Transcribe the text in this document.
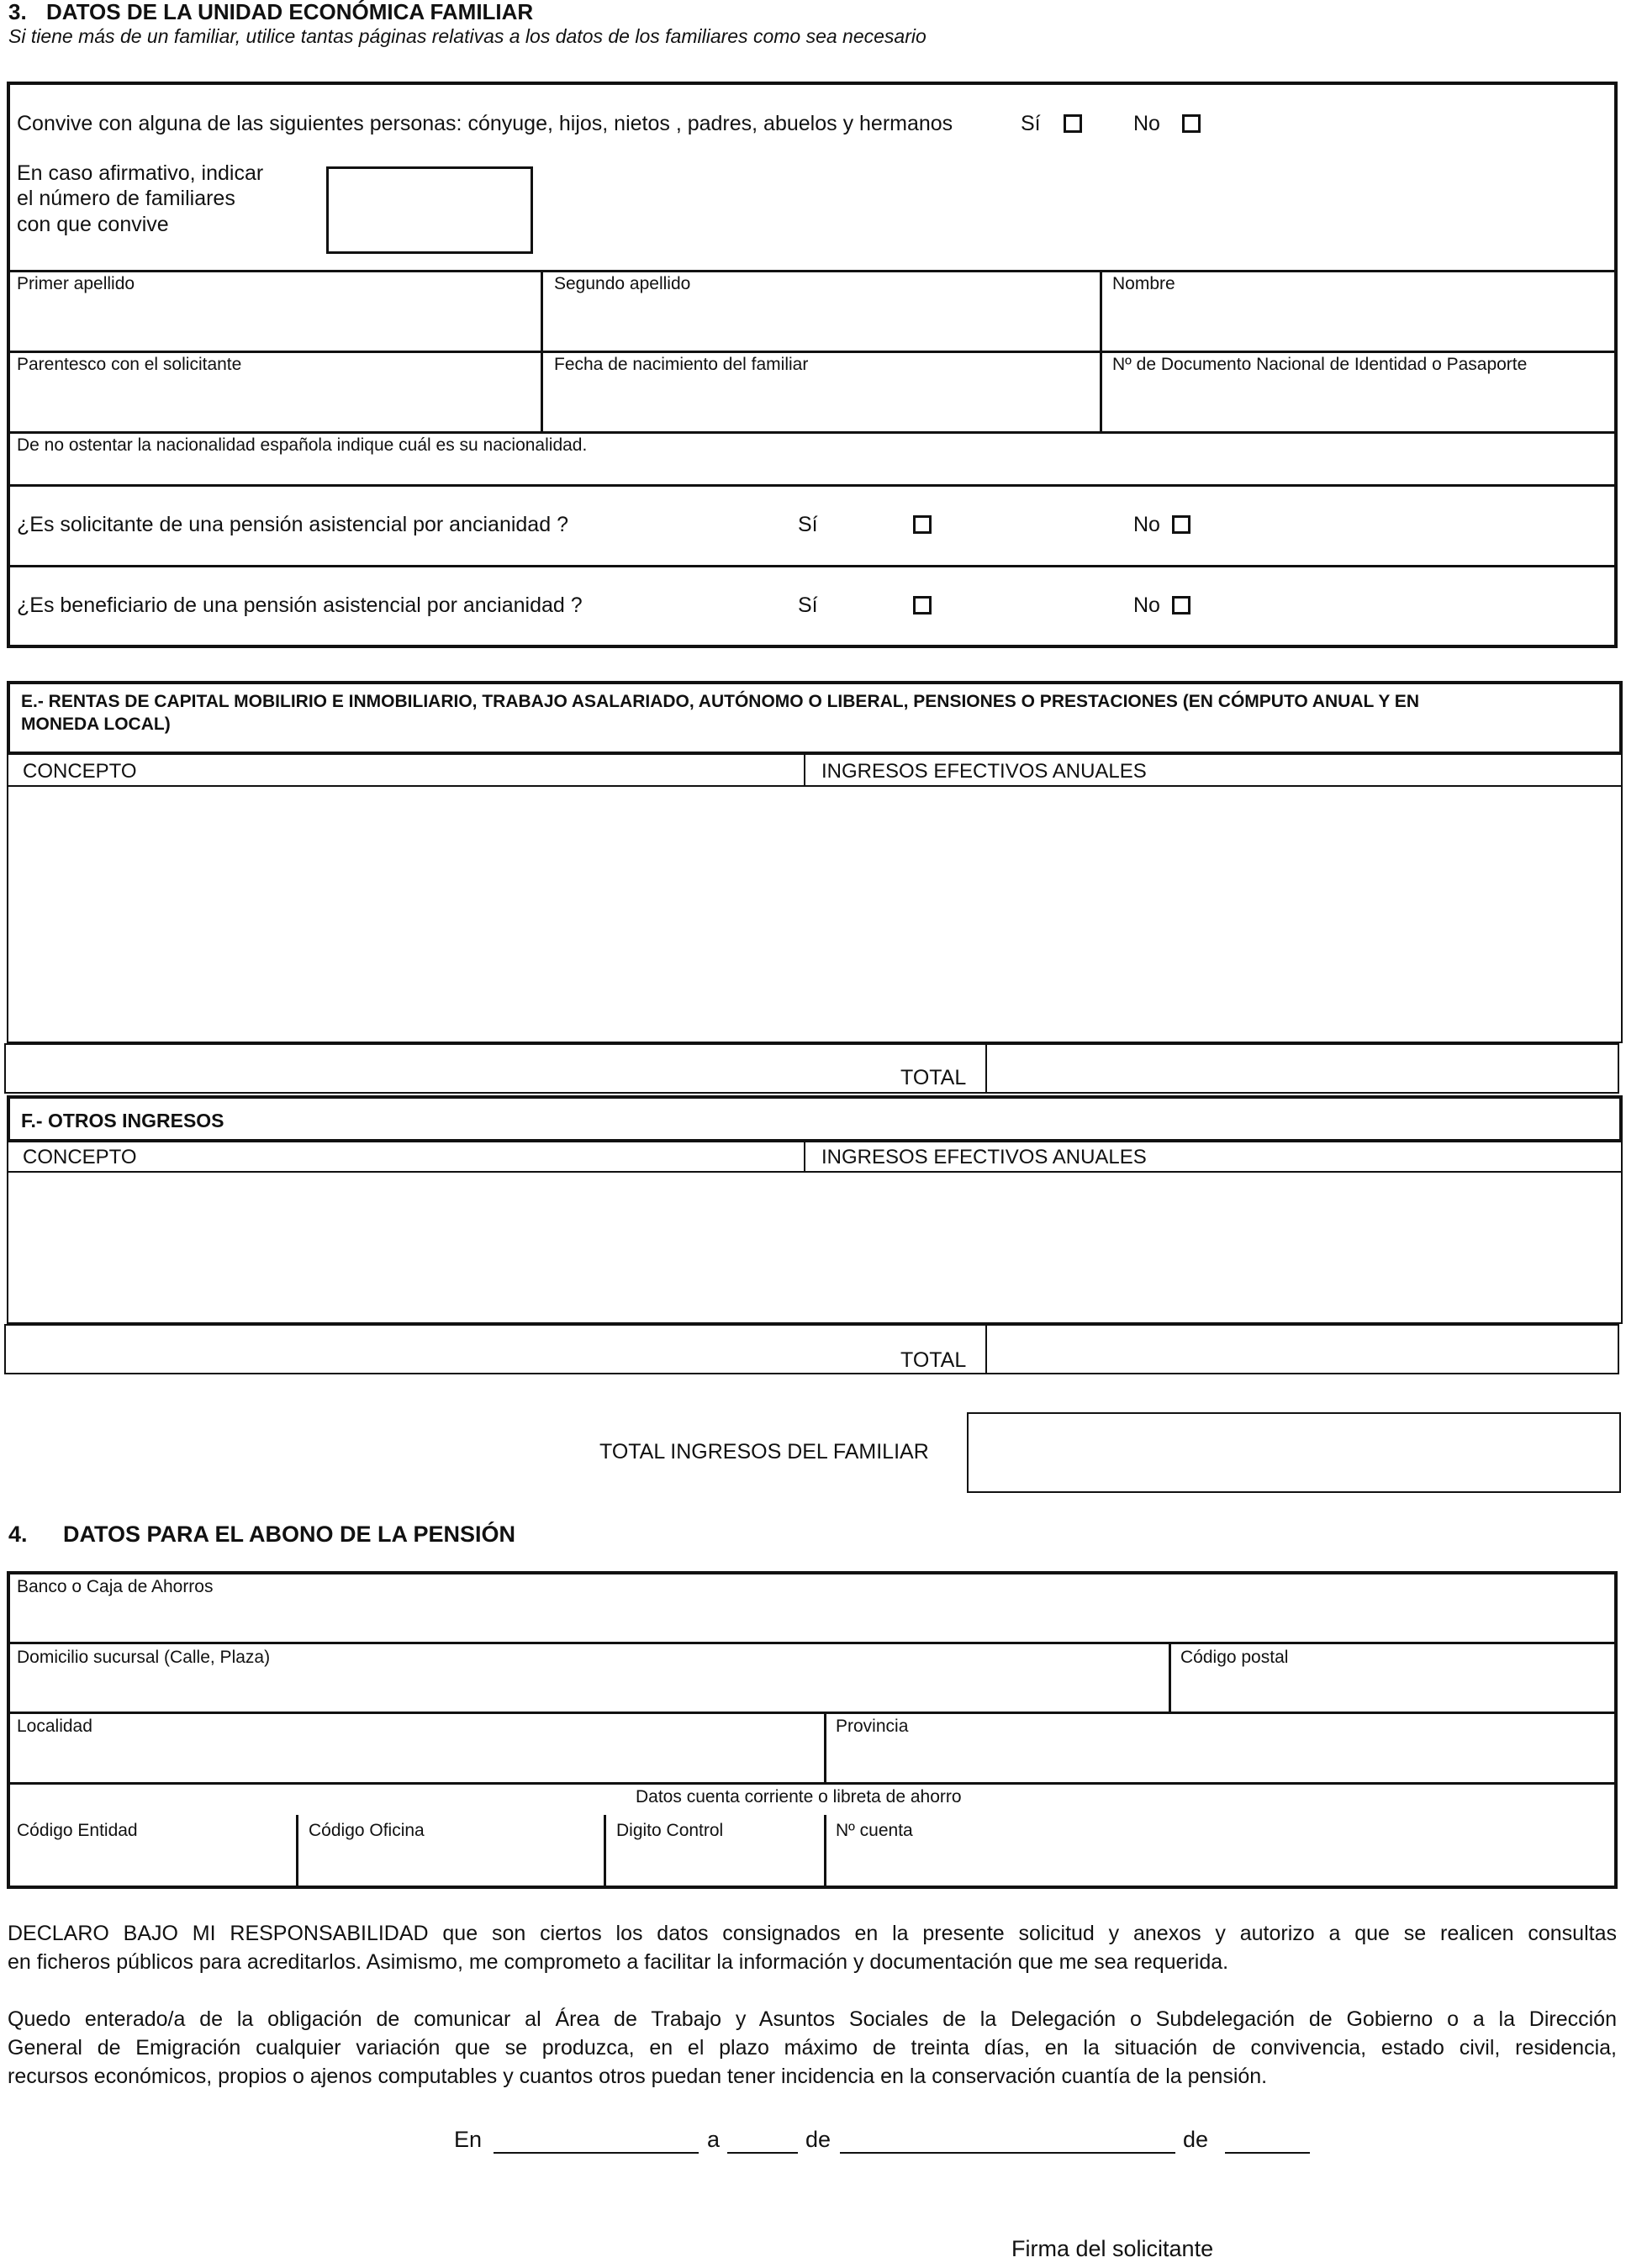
3. DATOS DE LA UNIDAD ECONÓMICA FAMILIAR
Si tiene más de un familiar, utilice tantas páginas relativas a los datos de los familiares como sea necesario
Convive con alguna de las siguientes personas: cónyuge, hijos, nietos , padres, abuelos y hermanos	Sí	No
En caso afirmativo, indicar
el número de familiares
con que convive
Primer apellido	Segundo apellido	Nombre
Parentesco con el solicitante	Fecha de nacimiento del familiar	Nº de Documento Nacional de Identidad o Pasaporte
De no ostentar la nacionalidad española indique cuál es su nacionalidad.
¿Es solicitante de una pensión asistencial por ancianidad ?	Sí	No
¿Es beneficiario de una pensión asistencial por ancianidad ?	Sí	No
E.- RENTAS DE CAPITAL MOBILIRIO E INMOBILIARIO, TRABAJO ASALARIADO, AUTÓNOMO O LIBERAL, PENSIONES O PRESTACIONES (EN CÓMPUTO ANUAL Y EN
MONEDA LOCAL)
CONCEPTO	INGRESOS EFECTIVOS ANUALES
TOTAL
F.- OTROS INGRESOS
CONCEPTO	INGRESOS EFECTIVOS ANUALES
TOTAL
TOTAL INGRESOS DEL FAMILIAR
4. DATOS PARA EL ABONO DE LA PENSIÓN
Banco o Caja de Ahorros
Domicilio sucursal (Calle, Plaza)	Código postal
Localidad	Provincia
Datos cuenta corriente o libreta de ahorro
Código Entidad	Código Oficina	Digito Control	Nº cuenta
DECLARO BAJO MI RESPONSABILIDAD que son ciertos los datos consignados en la presente solicitud y anexos y autorizo a que se realicen consultas
en ficheros públicos para acreditarlos. Asimismo, me comprometo a facilitar la información y documentación que me sea requerida.
Quedo enterado/a de la obligación de comunicar al Área de Trabajo y Asuntos Sociales de la Delegación o Subdelegación de Gobierno o a la Dirección
General de Emigración cualquier variación que se produzca, en el plazo máximo de treinta días, en la situación de convivencia, estado civil, residencia,
recursos económicos, propios o ajenos computables y cuantos otros puedan tener incidencia en la conservación cuantía de la pensión.
En	a	de	de
Firma del solicitante
